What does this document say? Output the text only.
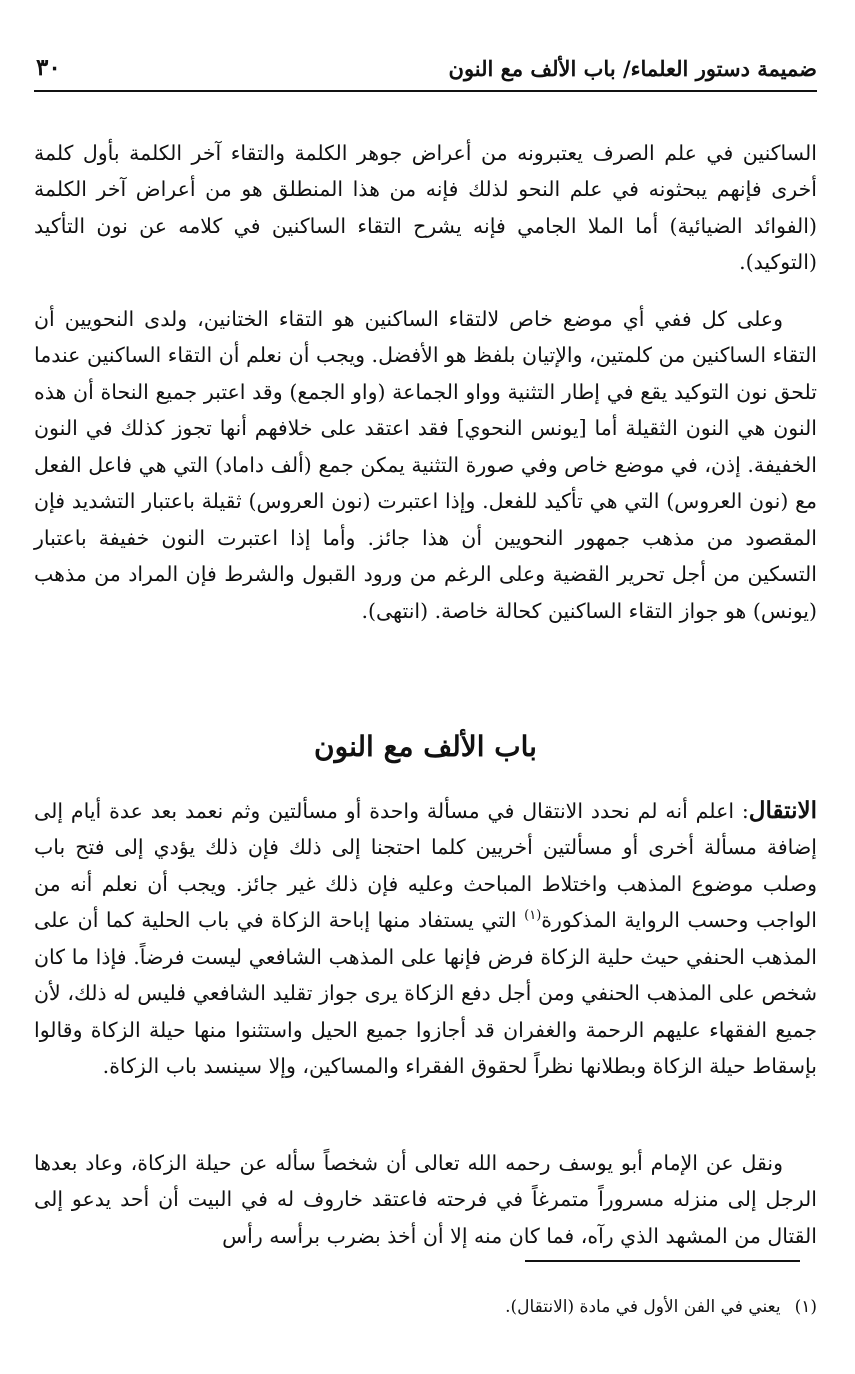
ضميمة دستور العلماء/ باب الألف مع النون
٣٠

الساكنين في علم الصرف يعتبرونه من أعراض جوهر الكلمة والتقاء آخر الكلمة بأول كلمة أخرى فإنهم يبحثونه في علم النحو لذلك فإنه من هذا المنطلق هو من أعراض آخر الكلمة (الفوائد الضيائية) أما الملا الجامي فإنه يشرح التقاء الساكنين في كلامه عن نون التأكيد (التوكيد).

وعلى كل ففي أي موضع خاص لالتقاء الساكنين هو التقاء الختانين، ولدى النحويين أن التقاء الساكنين من كلمتين، والإتيان بلفظ هو الأفضل. ويجب أن نعلم أن التقاء الساكنين عندما تلحق نون التوكيد يقع في إطار التثنية وواو الجماعة (واو الجمع) وقد اعتبر جميع النحاة أن هذه النون هي النون الثقيلة أما [يونس النحوي] فقد اعتقد على خلافهم أنها تجوز كذلك في النون الخفيفة. إذن، في موضع خاص وفي صورة التثنية يمكن جمع (ألف داماد) التي هي فاعل الفعل مع (نون العروس) التي هي تأكيد للفعل. وإذا اعتبرت (نون العروس) ثقيلة باعتبار التشديد فإن المقصود من مذهب جمهور النحويين أن هذا جائز. وأما إذا اعتبرت النون خفيفة باعتبار التسكين من أجل تحرير القضية وعلى الرغم من ورود القبول والشرط فإن المراد من مذهب (يونس) هو جواز التقاء الساكنين كحالة خاصة. (انتهى).

باب الألف مع النون

الانتقال: اعلم أنه لم نحدد الانتقال في مسألة واحدة أو مسألتين وثم نعمد بعد عدة أيام إلى إضافة مسألة أخرى أو مسألتين أخريين كلما احتجنا إلى ذلك فإن ذلك يؤدي إلى فتح باب وصلب موضوع المذهب واختلاط المباحث وعليه فإن ذلك غير جائز. ويجب أن نعلم أنه من الواجب وحسب الرواية المذكورة$^{(١)}$ التي يستفاد منها إباحة الزكاة في باب الحلية كما أن على المذهب الحنفي حيث حلية الزكاة فرض فإنها على المذهب الشافعي ليست فرضاً. فإذا ما كان شخص على المذهب الحنفي ومن أجل دفع الزكاة يرى جواز تقليد الشافعي فليس له ذلك، لأن جميع الفقهاء عليهم الرحمة والغفران قد أجازوا جميع الحيل واستثنوا منها حيلة الزكاة وقالوا بإسقاط حيلة الزكاة وبطلانها نظراً لحقوق الفقراء والمساكين، وإلا سينسد باب الزكاة.

ونقل عن الإمام أبو يوسف رحمه الله تعالى أن شخصاً سأله عن حيلة الزكاة، وعاد بعدها الرجل إلى منزله مسروراً متمرغاً في فرحته فاعتقد خاروف له في البيت أن أحد يدعو إلى القتال من المشهد الذي رآه، فما كان منه إلا أن أخذ بضرب برأسه رأس

(١)يعني في الفن الأول في مادة (الانتقال).
